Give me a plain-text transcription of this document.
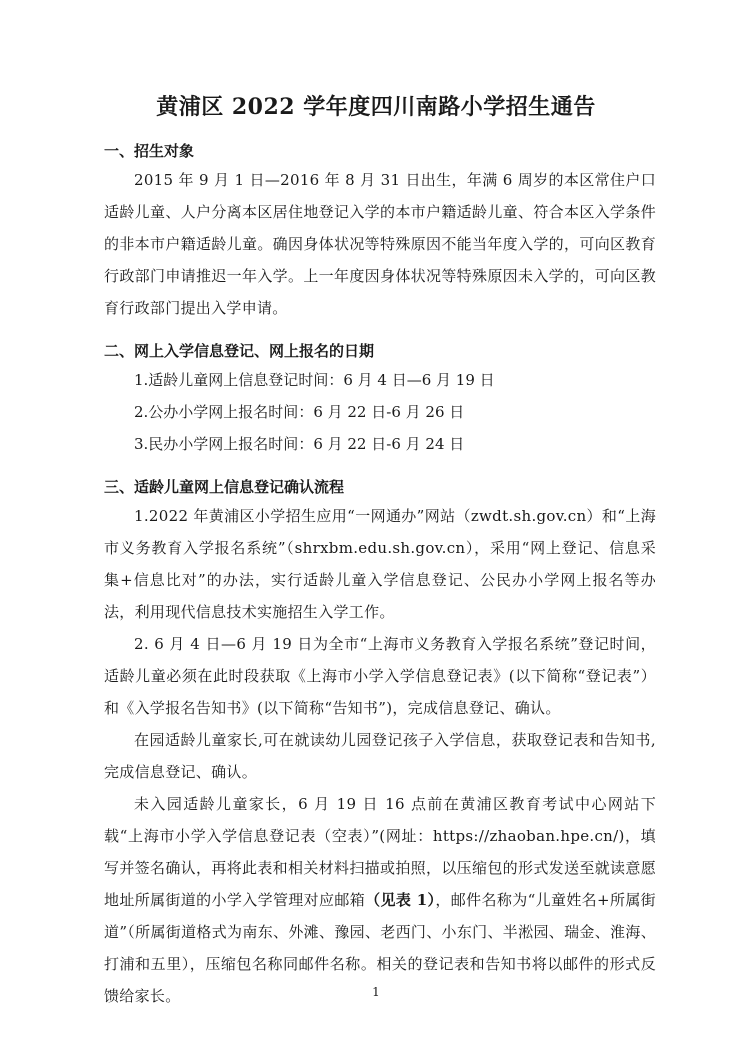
黄浦区 2022 学年度四川南路小学招生通告
一、招生对象
2015 年 9 月 1 日—2016 年 8 月 31 日出生，年满 6 周岁的本区常住户口适龄儿童、人户分离本区居住地登记入学的本市户籍适龄儿童、符合本区入学条件的非本市户籍适龄儿童。确因身体状况等特殊原因不能当年度入学的，可向区教育行政部门申请推迟一年入学。上一年度因身体状况等特殊原因未入学的，可向区教育行政部门提出入学申请。
二、网上入学信息登记、网上报名的日期
1.适龄儿童网上信息登记时间：6 月 4 日—6 月 19 日
2.公办小学网上报名时间：6 月 22 日-6 月 26 日
3.民办小学网上报名时间：6 月 22 日-6 月 24 日
三、适龄儿童网上信息登记确认流程
1.2022 年黄浦区小学招生应用“一网通办”网站（zwdt.sh.gov.cn）和“上海市义务教育入学报名系统”（shrxbm.edu.sh.gov.cn），采用“网上登记、信息采集+信息比对”的办法，实行适龄儿童入学信息登记、公民办小学网上报名等办法，利用现代信息技术实施招生入学工作。
2. 6 月 4 日—6 月 19 日为全市“上海市义务教育入学报名系统”登记时间，适龄儿童必须在此时段获取《上海市小学入学信息登记表》(以下简称“登记表”）和《入学报名告知书》(以下简称“告知书”)，完成信息登记、确认。
在园适龄儿童家长,可在就读幼儿园登记孩子入学信息，获取登记表和告知书,完成信息登记、确认。
未入园适龄儿童家长，6 月 19 日 16 点前在黄浦区教育考试中心网站下载“上海市小学入学信息登记表（空表）”(网址：https://zhaoban.hpe.cn/)，填写并签名确认，再将此表和相关材料扫描或拍照，以压缩包的形式发送至就读意愿地址所属街道的小学入学管理对应邮箱（见表 1），邮件名称为“儿童姓名+所属街道”（所属街道格式为南东、外滩、豫园、老西门、小东门、半淞园、瑞金、淮海、打浦和五里），压缩包名称同邮件名称。相关的登记表和告知书将以邮件的形式反馈给家长。	1
